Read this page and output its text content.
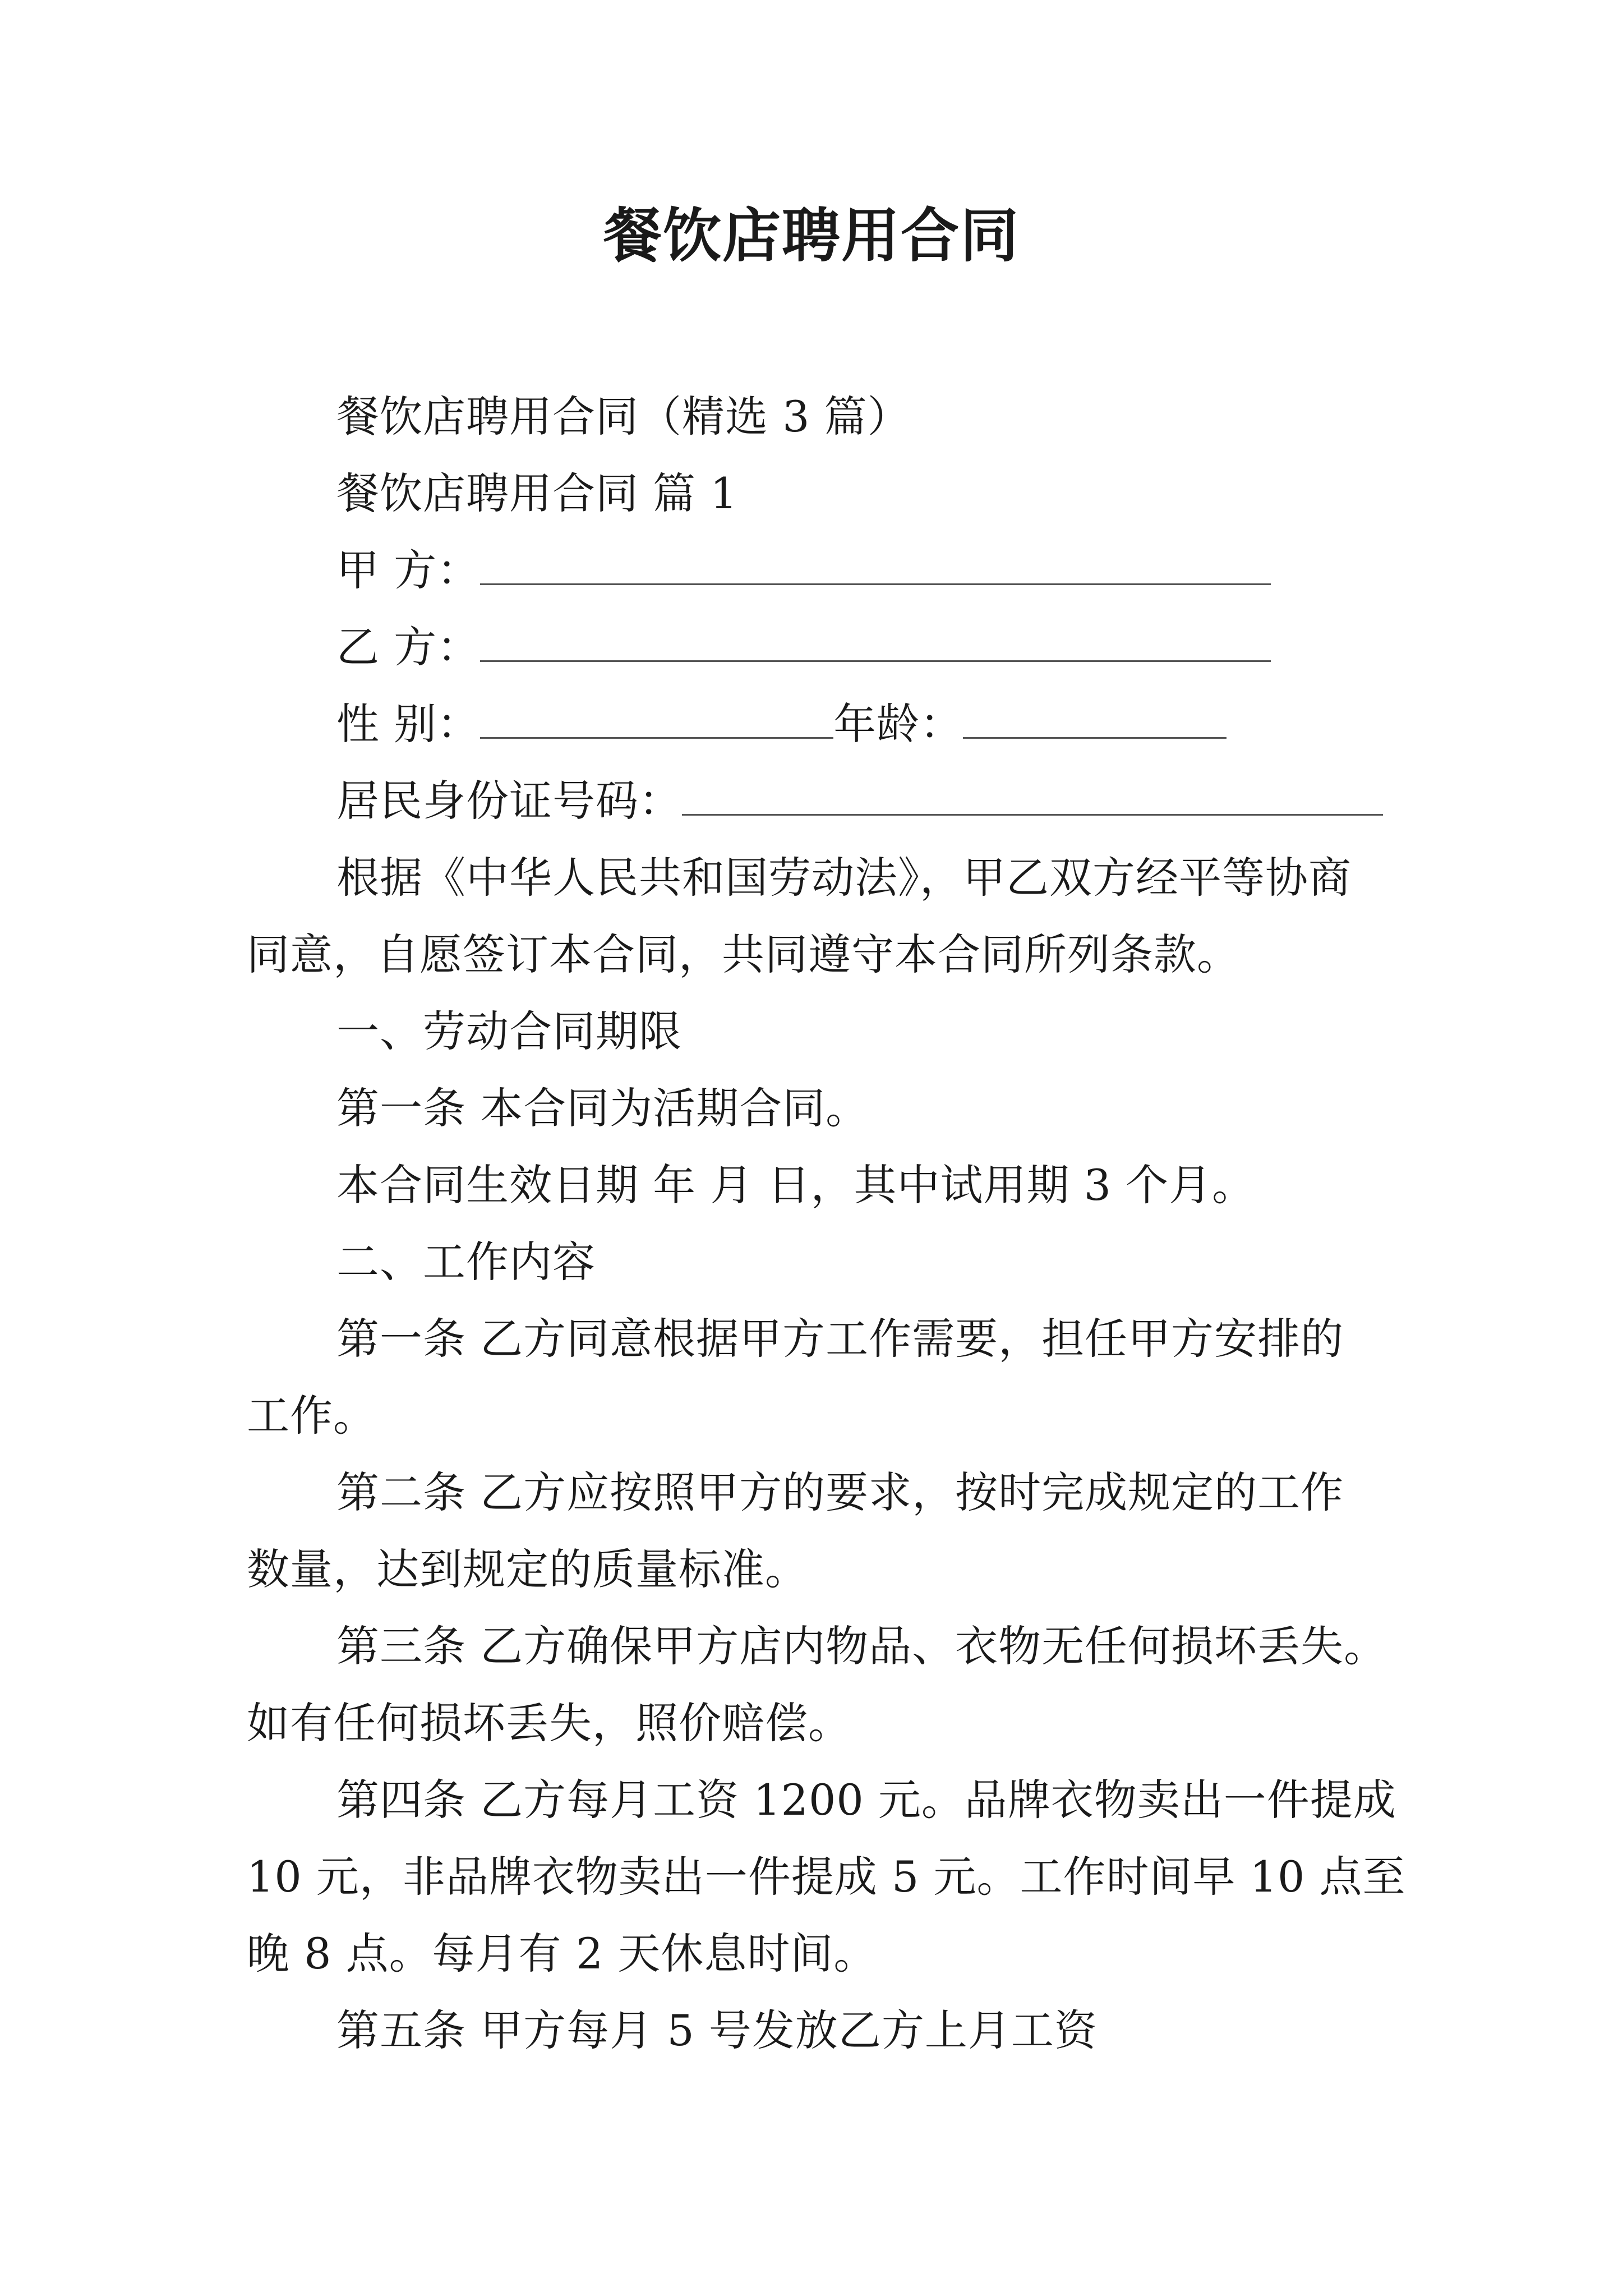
餐饮店聘用合同
餐饮店聘用合同（精选 3 篇）
餐饮店聘用合同 篇 1
甲 方：
乙 方：
性 别：	年龄：
居民身份证号码：
根据《中华人民共和国劳动法》，甲乙双方经平等协商
同意，自愿签订本合同，共同遵守本合同所列条款。
一、劳动合同期限
第一条 本合同为活期合同。
本合同生效日期 年 月 日，其中试用期 3 个月。
二、工作内容
第一条 乙方同意根据甲方工作需要，担任甲方安排的
工作。
第二条 乙方应按照甲方的要求，按时完成规定的工作
数量，达到规定的质量标准。
第三条 乙方确保甲方店内物品、衣物无任何损坏丢失。
如有任何损坏丢失，照价赔偿。
第四条 乙方每月工资 1200 元。品牌衣物卖出一件提成
10 元，非品牌衣物卖出一件提成 5 元。工作时间早 10 点至
晚 8 点。每月有 2 天休息时间。
第五条 甲方每月 5 号发放乙方上月工资
